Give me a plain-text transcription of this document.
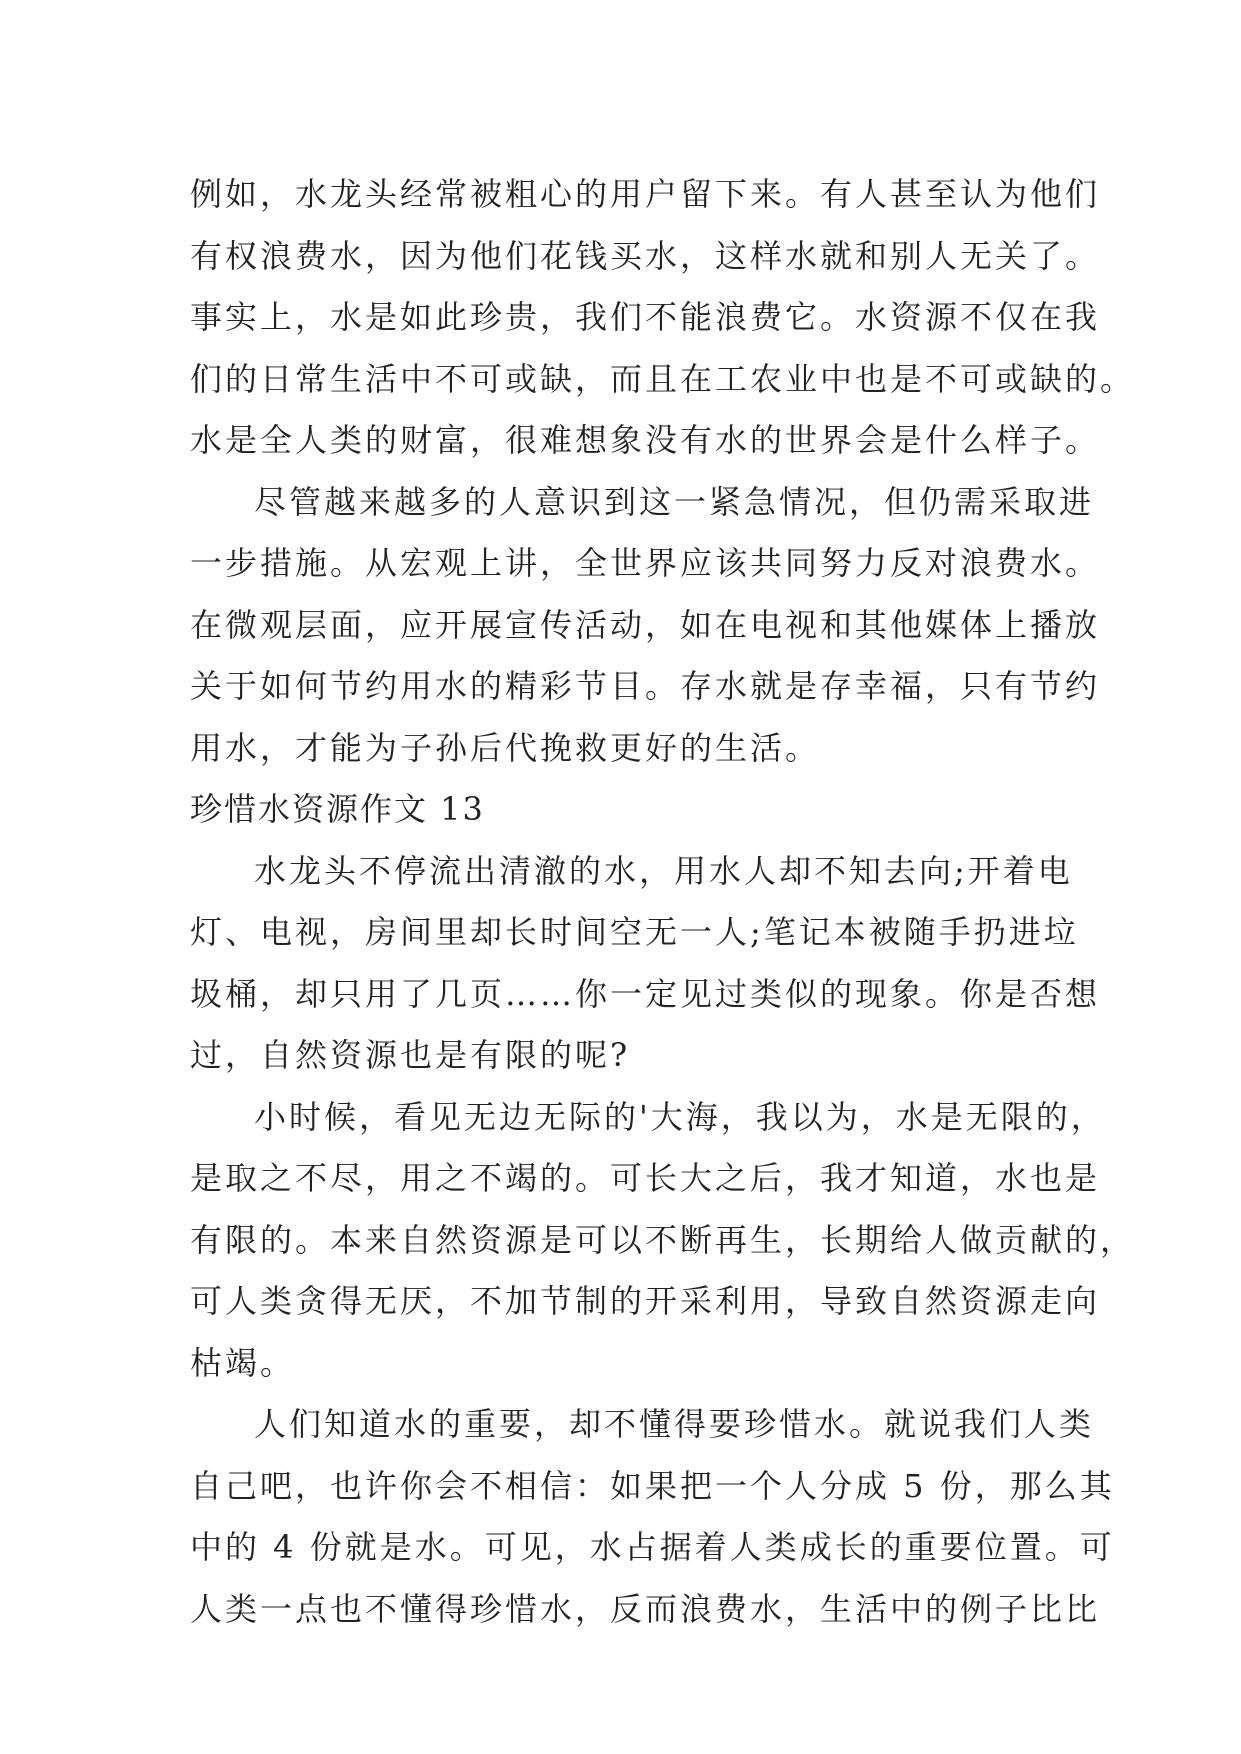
例如，水龙头经常被粗心的用户留下来。有人甚至认为他们
有权浪费水，因为他们花钱买水，这样水就和别人无关了。
事实上，水是如此珍贵，我们不能浪费它。水资源不仅在我
们的日常生活中不可或缺，而且在工农业中也是不可或缺的。
水是全人类的财富，很难想象没有水的世界会是什么样子。
尽管越来越多的人意识到这一紧急情况，但仍需采取进
一步措施。从宏观上讲，全世界应该共同努力反对浪费水。
在微观层面，应开展宣传活动，如在电视和其他媒体上播放
关于如何节约用水的精彩节目。存水就是存幸福，只有节约
用水，才能为子孙后代挽救更好的生活。
珍惜水资源作文 13
水龙头不停流出清澈的水，用水人却不知去向;开着电
灯、电视，房间里却长时间空无一人;笔记本被随手扔进垃
圾桶，却只用了几页……你一定见过类似的现象。你是否想
过，自然资源也是有限的呢?
小时候，看见无边无际的'大海，我以为，水是无限的，
是取之不尽，用之不竭的。可长大之后，我才知道，水也是
有限的。本来自然资源是可以不断再生，长期给人做贡献的，
可人类贪得无厌，不加节制的开采利用，导致自然资源走向
枯竭。
人们知道水的重要，却不懂得要珍惜水。就说我们人类
自己吧，也许你会不相信：如果把一个人分成 5 份，那么其
中的 4 份就是水。可见，水占据着人类成长的重要位置。可
人类一点也不懂得珍惜水，反而浪费水，生活中的例子比比
